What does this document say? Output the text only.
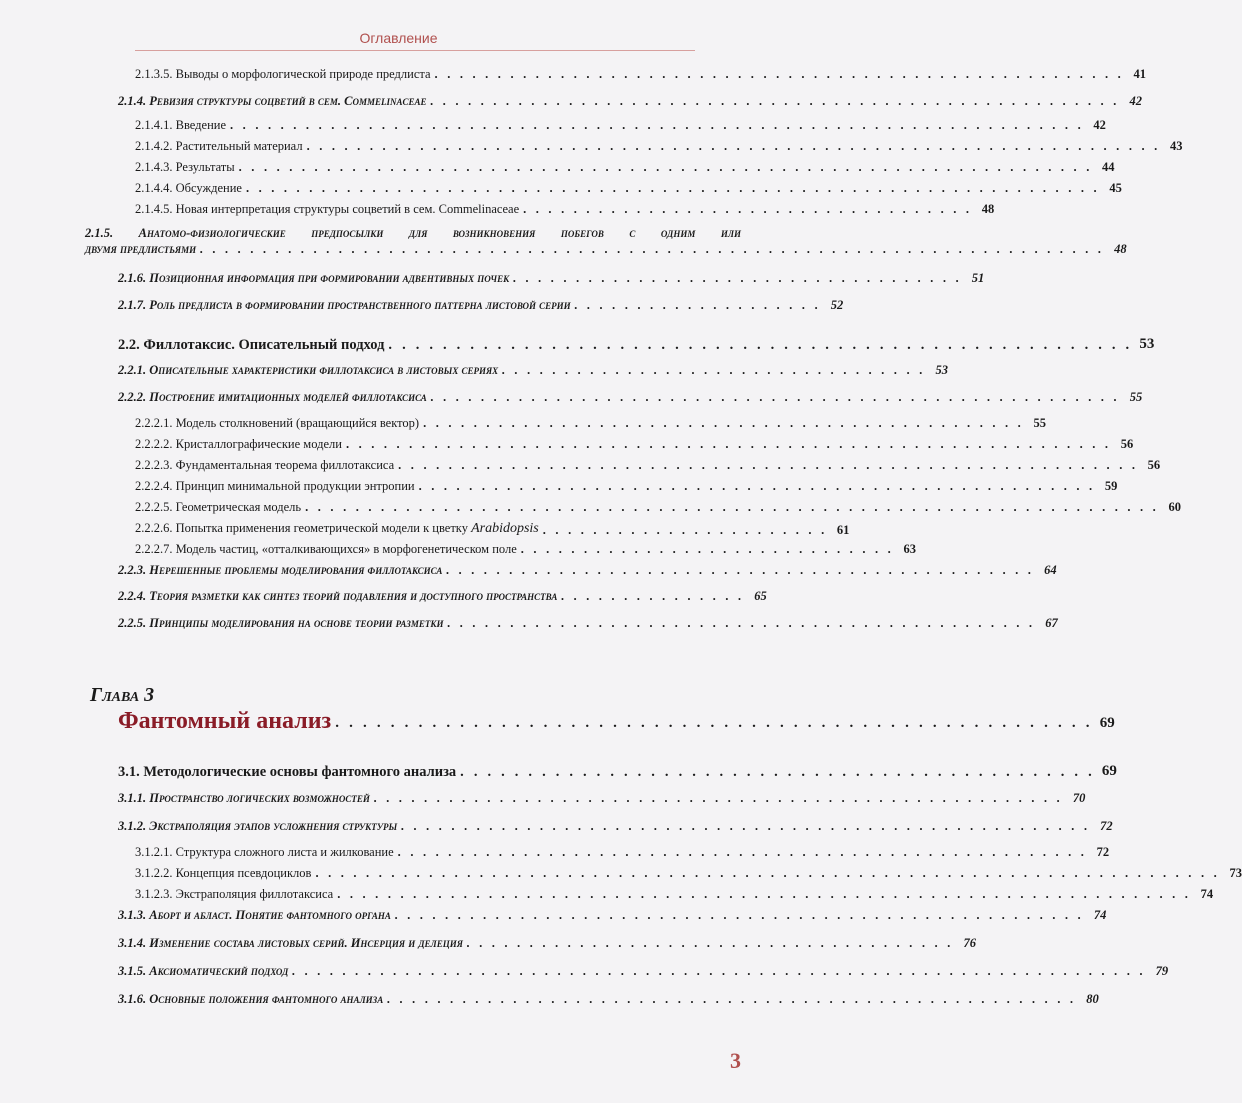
Оглавление
2.1.3.5. Выводы о морфологической природе предлиста . . . . . . . . . . . . . . . . . . . . . . . . . . . . . . . . . . . . . . . . . . . . . . . . . . . . . . . 41
2.1.4. Ревизия структуры соцветий в сем. Commelinaceae . . . . . . . . . . . . . . . . . . . . . . . . . . . . . . . . . . . . . . . . . . . . . . . . . . . . . . . 42
2.1.4.1. Введение . . . . . . . . . . . . . . . . . . . . . . . . . . . . . . . . . . . . . . . . . . . . . . . . . . . . . . . . . . . . . . . . . . . . 42
2.1.4.2. Растительный материал . . . . . . . . . . . . . . . . . . . . . . . . . . . . . . . . . . . . . . . . . . . . . . . . . . . . . . . . . . . . . . . . . . . . 43
2.1.4.3. Результаты . . . . . . . . . . . . . . . . . . . . . . . . . . . . . . . . . . . . . . . . . . . . . . . . . . . . . . . . . . . . . . . . . . . . 44
2.1.4.4. Обсуждение . . . . . . . . . . . . . . . . . . . . . . . . . . . . . . . . . . . . . . . . . . . . . . . . . . . . . . . . . . . . . . . . . . . . 45
2.1.4.5. Новая интерпретация структуры соцветий в сем. Commelinaceae . . . . . . . . . . . . . . . . . . . . . . . . . . . . . . . . . . . . 48
2.1.5. Анатомо-физиологические предпосылки для возникновения побегов с одним или
двумя предлистьями . . . . . . . . . . . . . . . . . . . . . . . . . . . . . . . . . . . . . . . . . . . . . . . . . . . . . . . . . . . . . . . . . . . . . . . . 48
2.1.6. Позиционная информация при формировании адвентивных почек . . . . . . . . . . . . . . . . . . . . . . . . . . . . . . . . . . . . 51
2.1.7. Роль предлиста в формировании пространственного паттерна листовой серии . . . . . . . . . . . . . . . . . . . . 52
2.2. Филлотаксис. Описательный подход . . . . . . . . . . . . . . . . . . . . . . . . . . . . . . . . . . . . . . . . . . . . . . . . . . . . . . . 53
2.2.1. Описательные характеристики филлотаксиса в листовых сериях . . . . . . . . . . . . . . . . . . . . . . . . . . . . . . . . . . 53
2.2.2. Построение имитационных моделей филлотаксиса . . . . . . . . . . . . . . . . . . . . . . . . . . . . . . . . . . . . . . . . . . . . . . . . . . . . . . . 55
2.2.2.1. Модель столкновений (вращающийся вектор) . . . . . . . . . . . . . . . . . . . . . . . . . . . . . . . . . . . . . . . . . . . . . . . . 55
2.2.2.2. Кристаллографические модели . . . . . . . . . . . . . . . . . . . . . . . . . . . . . . . . . . . . . . . . . . . . . . . . . . . . . . . . . . . . . 56
2.2.2.3. Фундаментальная теорема филлотаксиса . . . . . . . . . . . . . . . . . . . . . . . . . . . . . . . . . . . . . . . . . . . . . . . . . . . . . . . . . . . 56
2.2.2.4. Принцип минимальной продукции энтропии . . . . . . . . . . . . . . . . . . . . . . . . . . . . . . . . . . . . . . . . . . . . . . . . . . . . . . 59
2.2.2.5. Геометрическая модель . . . . . . . . . . . . . . . . . . . . . . . . . . . . . . . . . . . . . . . . . . . . . . . . . . . . . . . . . . . . . . . . . . . . 60
2.2.2.6. Попытка применения геометрической модели к цветку Arabidopsis . . . . . . . . . . . . . . . . . . . . . . . 61
2.2.2.7. Модель частиц, «отталкивающихся» в морфогенетическом поле . . . . . . . . . . . . . . . . . . . . . . . . . . . . . . 63
2.2.3. Нерешенные проблемы моделирования филлотаксиса . . . . . . . . . . . . . . . . . . . . . . . . . . . . . . . . . . . . . . . . . . . . . . . 64
2.2.4. Теория разметки как синтез теорий подавления и доступного пространства . . . . . . . . . . . . . . . 65
2.2.5. Принципы моделирования на основе теории разметки . . . . . . . . . . . . . . . . . . . . . . . . . . . . . . . . . . . . . . . . . . . . . . . 67
Глава 3
Фантомный анализ . . . . . . . . . . . . . . . . . . . . . . . . . . . . . . . . . . . . . . . . . . . . . . . . . . . . . . . 69
3.1. Методологические основы фантомного анализа . . . . . . . . . . . . . . . . . . . . . . . . . . . . . . . . . . . . . . . . . . . . . . . 69
3.1.1. Пространство логических возможностей . . . . . . . . . . . . . . . . . . . . . . . . . . . . . . . . . . . . . . . . . . . . . . . . . . . . . . . 70
3.1.2. Экстраполяция этапов усложнения структуры . . . . . . . . . . . . . . . . . . . . . . . . . . . . . . . . . . . . . . . . . . . . . . . . . . . . . . . 72
3.1.2.1. Структура сложного листа и жилкование . . . . . . . . . . . . . . . . . . . . . . . . . . . . . . . . . . . . . . . . . . . . . . . . . . . . . . . 72
3.1.2.2. Концепция псевдоциклов . . . . . . . . . . . . . . . . . . . . . . . . . . . . . . . . . . . . . . . . . . . . . . . . . . . . . . . . . . . . . . . . . . . . . . . . 73
3.1.2.3. Экстраполяция филлотаксиса . . . . . . . . . . . . . . . . . . . . . . . . . . . . . . . . . . . . . . . . . . . . . . . . . . . . . . . . . . . . . . . . . . . . 74
3.1.3. Аборт и абласт. Понятие фантомного органа . . . . . . . . . . . . . . . . . . . . . . . . . . . . . . . . . . . . . . . . . . . . . . . . . . . . . . . 74
3.1.4. Изменение состава листовых серий. Инсерция и делеция . . . . . . . . . . . . . . . . . . . . . . . . . . . . . . . . . . . . . . . 76
3.1.5. Аксиоматический подход . . . . . . . . . . . . . . . . . . . . . . . . . . . . . . . . . . . . . . . . . . . . . . . . . . . . . . . . . . . . . . . . . . . . 79
3.1.6. Основные положения фантомного анализа . . . . . . . . . . . . . . . . . . . . . . . . . . . . . . . . . . . . . . . . . . . . . . . . . . . . . . . 80
3
